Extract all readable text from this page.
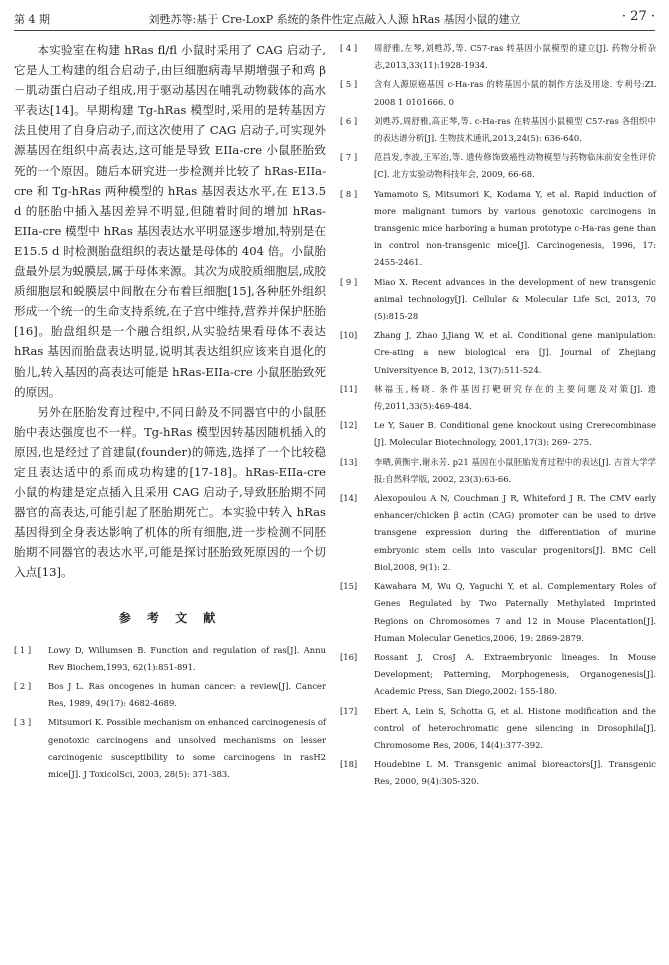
第 4 期	刘甦苏等:基于 Cre-LoxP 系统的条件性定点敲入人源 hRas 基因小鼠的建立	· 27 ·

本实验室在构建 hRas fl/fl 小鼠时采用了 CAG 启动子,它是人工构建的组合启动子,由巨细胞病毒早期增强子和鸡 β－肌动蛋白启动子组成,用于驱动基因在哺乳动物载体的高水平表达[14]。早期构建 Tg-hRas 模型时,采用的是转基因方法且使用了自身启动子,而这次使用了 CAG 启动子,可实现外源基因在组织中高表达,这可能是导致 EIIa-cre 小鼠胚胎致死的一个原因。随后本研究进一步检测并比较了 hRas-EIIa-cre 和 Tg-hRas 两种模型的 hRas 基因表达水平,在 E13.5 d 的胚胎中插入基因差异不明显,但随着时间的增加 hRas-EIIa-cre 模型中 hRas 基因表达水平明显逐步增加,特别是在 E15.5 d 时检测胎盘组织的表达量是母体的 404 倍。小鼠胎盘最外层为蜕膜层,属于母体来源。其次为成胶质细胞层,成胶质细胞层和蜕膜层中间散在分布着巨细胞[15],各种胚外组织形成一个统一的生命支持系统,在子宫中维持,营养并保护胚胎[16]。胎盘组织是一个融合组织,从实验结果看母体不表达 hRas 基因而胎盘表达明显,说明其表达组织应该来自退化的胎儿,转入基因的高表达可能是 hRas-EIIa-cre 小鼠胚胎致死的原因。

另外在胚胎发育过程中,不同日龄及不同器官中的小鼠胚胎中表达强度也不一样。Tg-hRas 模型因转基因随机插入的原因,也是经过了首建鼠(founder)的筛选,选择了一个比较稳定且表达适中的系而成功构建的[17-18]。hRas-EIIa-cre 小鼠的构建是定点插入且采用 CAG 启动子,导致胚胎期不同器官的高表达,可能引起了胚胎期死亡。本实验中转入 hRas 基因得到全身表达影响了机体的所有细胞,进一步检测不同胚胎期不同器官的表达水平,可能是探讨胚胎致死原因的一个切入点[13]。

参 考 文 献
[ 1 ] Lowy D, Willumsen B. Function and regulation of ras[J]. Annu Rev Biochem,1993, 62(1):851-891.
[ 2 ] Bos J L. Ras oncogenes in human cancer: a review[J]. Cancer Res, 1989, 49(17): 4682-4689.
[ 3 ] Mitsumori K. Possible mechanism on enhanced carcinogenesis of genotoxic carcinogens and unsolved mechanisms on lesser carcinogenic susceptibility to some carcinogens in rasH2 mice[J]. J ToxicolSci, 2003, 28(5): 371-383.
[ 4 ] 周舒雅,左琴,刘甦苏,等. C57-ras 转基因小鼠模型的建立[J]. 药物分析杂志,2013,33(11):1928-1934.
[ 5 ] 含有人源原癌基因 c-Ha-ras 的转基因小鼠的制作方法及用途. 专利号:ZL 2008 1 0101666. 0
[ 6 ] 刘甦苏,周舒雅,高正琴,等. c-Ha-ras 在转基因小鼠模型 C57-ras 各组织中的表达谱分析[J]. 生物技术通讯,2013,24(5): 636-640.
[ 7 ] 范昌发,李波,王军治,等. 遗传修饰致癌性动物模型与药物临床前安全性评价[C]. 北方实验动物科技年会, 2009, 66-68.
[ 8 ] Yamamoto S, Mitsumori K, Kodama Y, et al. Rapid induction of more malignant tumors by various genotoxic carcinogens in transgenic mice harboring a human prototype c-Ha-ras gene than in control non-transgenic mice[J]. Carcinogenesis, 1996, 17: 2455-2461.
[ 9 ] Miao X. Recent advances in the development of new transgenic animal technology[J]. Cellular & Molecular Life Sci, 2013, 70 (5):815-28
[10] Zhang J, Zhao J,Jiang W, et al. Conditional gene manipulation: Cre-ating a new biological era [J]. Journal of Zhejiang Universityence B, 2012, 13(7):511-524.
[11] 林福玉,杨晓. 条件基因打靶研究存在的主要问题及对策[J]. 遗传,2011,33(5):469-484.
[12] Le Y, Sauer B. Conditional gene knockout using Crerecombinase [J]. Molecular Biotechnology, 2001,17(3): 269- 275.
[13] 李晒,黄衡宇,谢永芳. p21 基因在小鼠胚胎发育过程中的表达[J]. 吉首大学学报:自然科学版, 2002, 23(3):63-66.
[14] Alexopoulou A N, Couchman J R, Whiteford J R. The CMV early enhancer/chicken β actin (CAG) promoter can be used to drive transgene expression during the differentiation of murine embryonic stem cells into vascular progenitors[J]. BMC Cell Biol,2008, 9(1): 2.
[15] Kawahara M, Wu Q, Yaguchi Y, et al. Complementary Roles of Genes Regulated by Two Paternally Methylated Imprinted Regions on Chromosomes 7 and 12 in Mouse Placentation[J]. Human Molecular Genetics,2006, 19: 2869-2879.
[16] Rossant J, CrosJ A. Extraembryonic lineages. In Mouse Development; Patterning, Morphogenesis, Organogenesis[J]. Academic Press, San Diego,2002: 155-180.
[17] Ebert A, Lein S, Schotta G, et al. Histone modification and the control of heterochromatic gene silencing in Drosophila[J]. Chromosome Res, 2006, 14(4):377-392.
[18] Houdebine L M. Transgenic animal bioreactors[J]. Transgenic Res, 2000, 9(4):305-320.
